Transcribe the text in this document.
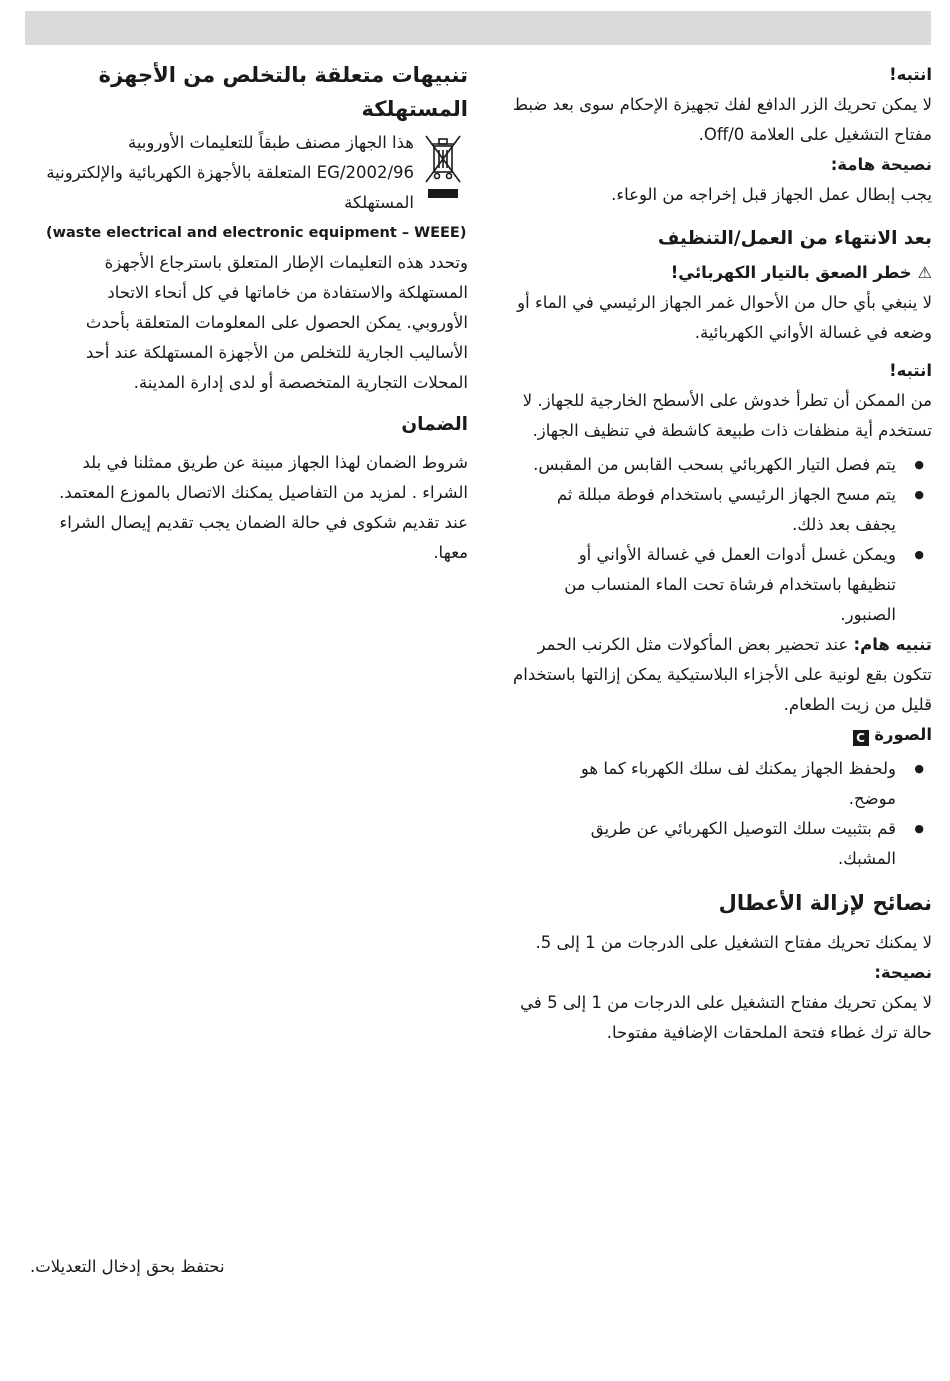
انتبه!

لا يمكن تحريك الزر الدافع لفك تجهيزة الإحكام سوى بعد ضبط مفتاح التشغيل على العلامة Off/0.

نصيحة هامة:

يجب إبطال عمل الجهاز قبل إخراجه من الوعاء.

بعد الانتهاء من العمل/التنظيف

⚠خطر الصعق بالتيار الكهربائي!

لا ينبغي بأي حال من الأحوال غمر الجهاز الرئيسي في الماء أو وضعه في غسالة الأواني الكهربائية.

انتبه!

من الممكن أن تطرأ خدوش على الأسطح الخارجية للجهاز. لا تستخدم أية منظفات ذات طبيعة كاشطة في تنظيف الجهاز.

● يتم فصل التيار الكهربائي بسحب القابس من المقبس.
● يتم مسح الجهاز الرئيسي باستخدام فوطة مبللة ثم يجفف بعد ذلك.
● ويمكن غسل أدوات العمل في غسالة الأواني أو تنظيفها باستخدام فرشاة تحت الماء المنساب من الصنبور.

تنبيه هام: عند تحضير بعض المأكولات مثل الكرنب الحمر تتكون بقع لونية على الأجزاء البلاستيكية يمكن إزالتها باستخدام قليل من زيت الطعام.

الصورة C

● ولحفظ الجهاز يمكنك لف سلك الكهرباء كما هو موضح.
● قم بتثبيت سلك التوصيل الكهربائي عن طريق المشبك.

نصائح لإزالة الأعطال

لا يمكنك تحريك مفتاح التشغيل على الدرجات من 1 إلى 5.

نصيحة:

لا يمكن تحريك مفتاح التشغيل على الدرجات من 1 إلى 5 في حالة ترك غطاء فتحة الملحقات الإضافية مفتوحا.

تنبيهات متعلقة بالتخلص من الأجهزة المستهلكة

هذا الجهاز مصنف طبقاً للتعليمات الأوروبية 2002/96/EG المتعلقة بالأجهزة الكهربائية والإلكترونية المستهلكة

(waste electrical and electronic equipment – WEEE)

وتحدد هذه التعليمات الإطار المتعلق باسترجاع الأجهزة المستهلكة والاستفادة من خاماتها في كل أنحاء الاتحاد الأوروبي. يمكن الحصول على المعلومات المتعلقة بأحدث الأساليب الجارية للتخلص من الأجهزة المستهلكة عند أحد المحلات التجارية المتخصصة أو لدى إدارة المدينة.

الضمان

شروط الضمان لهذا الجهاز مبينة عن طريق ممثلنا في بلد الشراء . لمزيد من التفاصيل يمكنك الاتصال بالموزع المعتمد. عند تقديم شكوى في حالة الضمان يجب تقديم إيصال الشراء معها.

نحتفظ بحق إدخال التعديلات.
